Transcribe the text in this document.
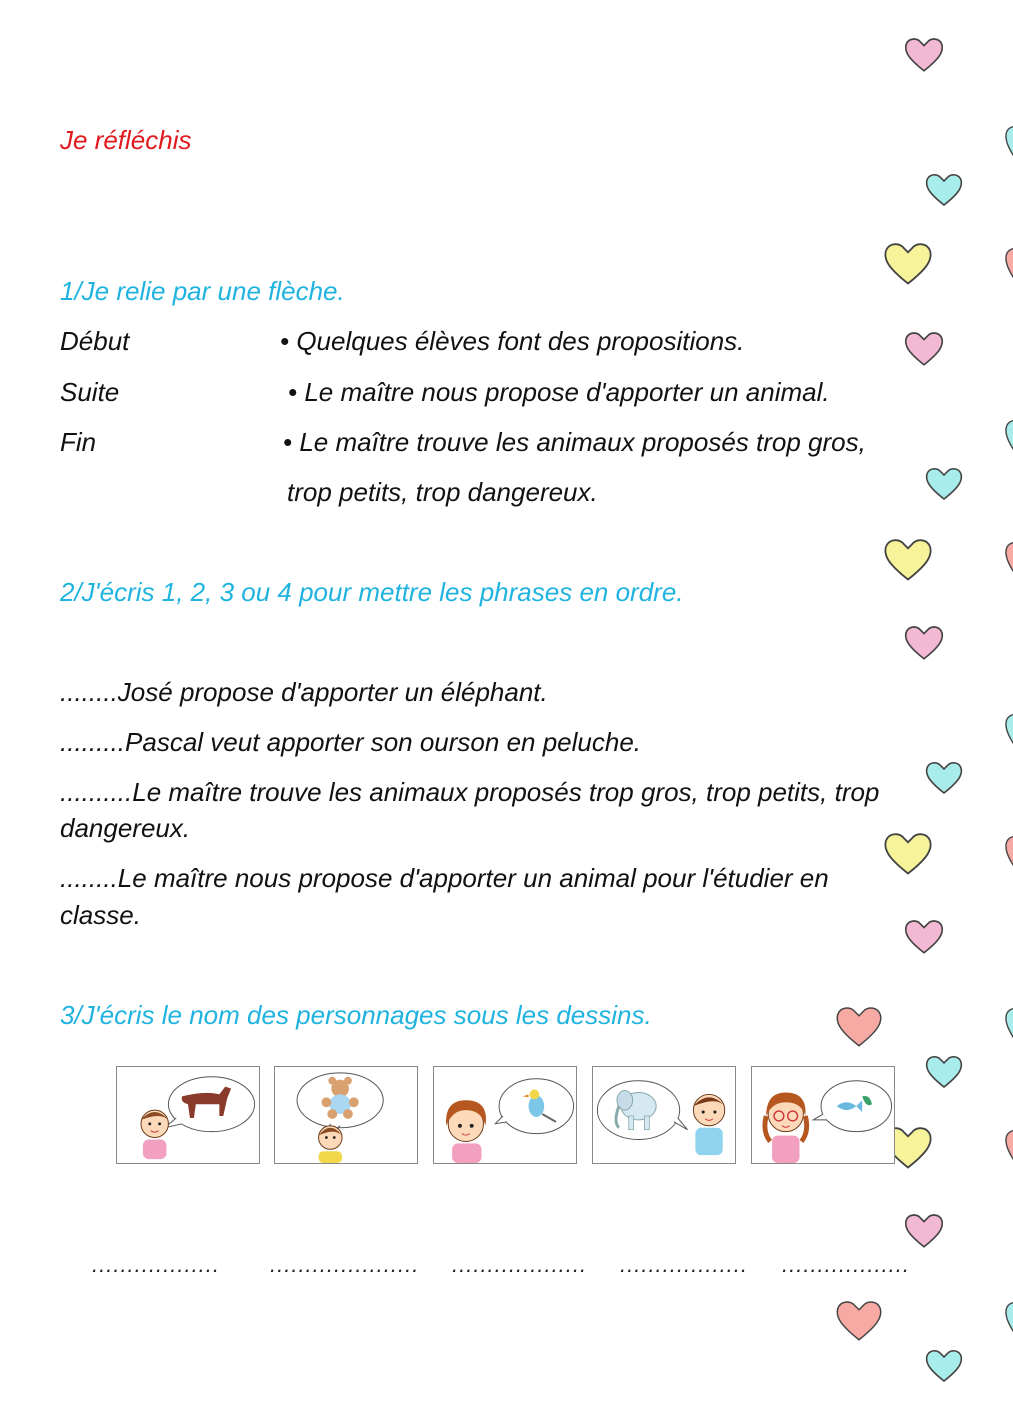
Je réfléchis

1/Je relie par une flèche.

Début

Suite

Fin

• Quelques élèves font des propositions.

• Le maître nous propose d'apporter un animal.

• Le maître trouve les animaux proposés trop gros,

trop petits, trop dangereux.

2/J'écris 1, 2, 3 ou 4 pour mettre les phrases en ordre.

........José propose d'apporter un éléphant.

.........Pascal veut apporter son ourson en peluche.

..........Le maître trouve les animaux proposés trop gros, trop petits, trop

dangereux.

........Le maître nous propose d'apporter un animal pour l'étudier en

classe.

3/J'écris le nom des personnages sous les dessins.

.................. ..................... ................... .................. ..................
